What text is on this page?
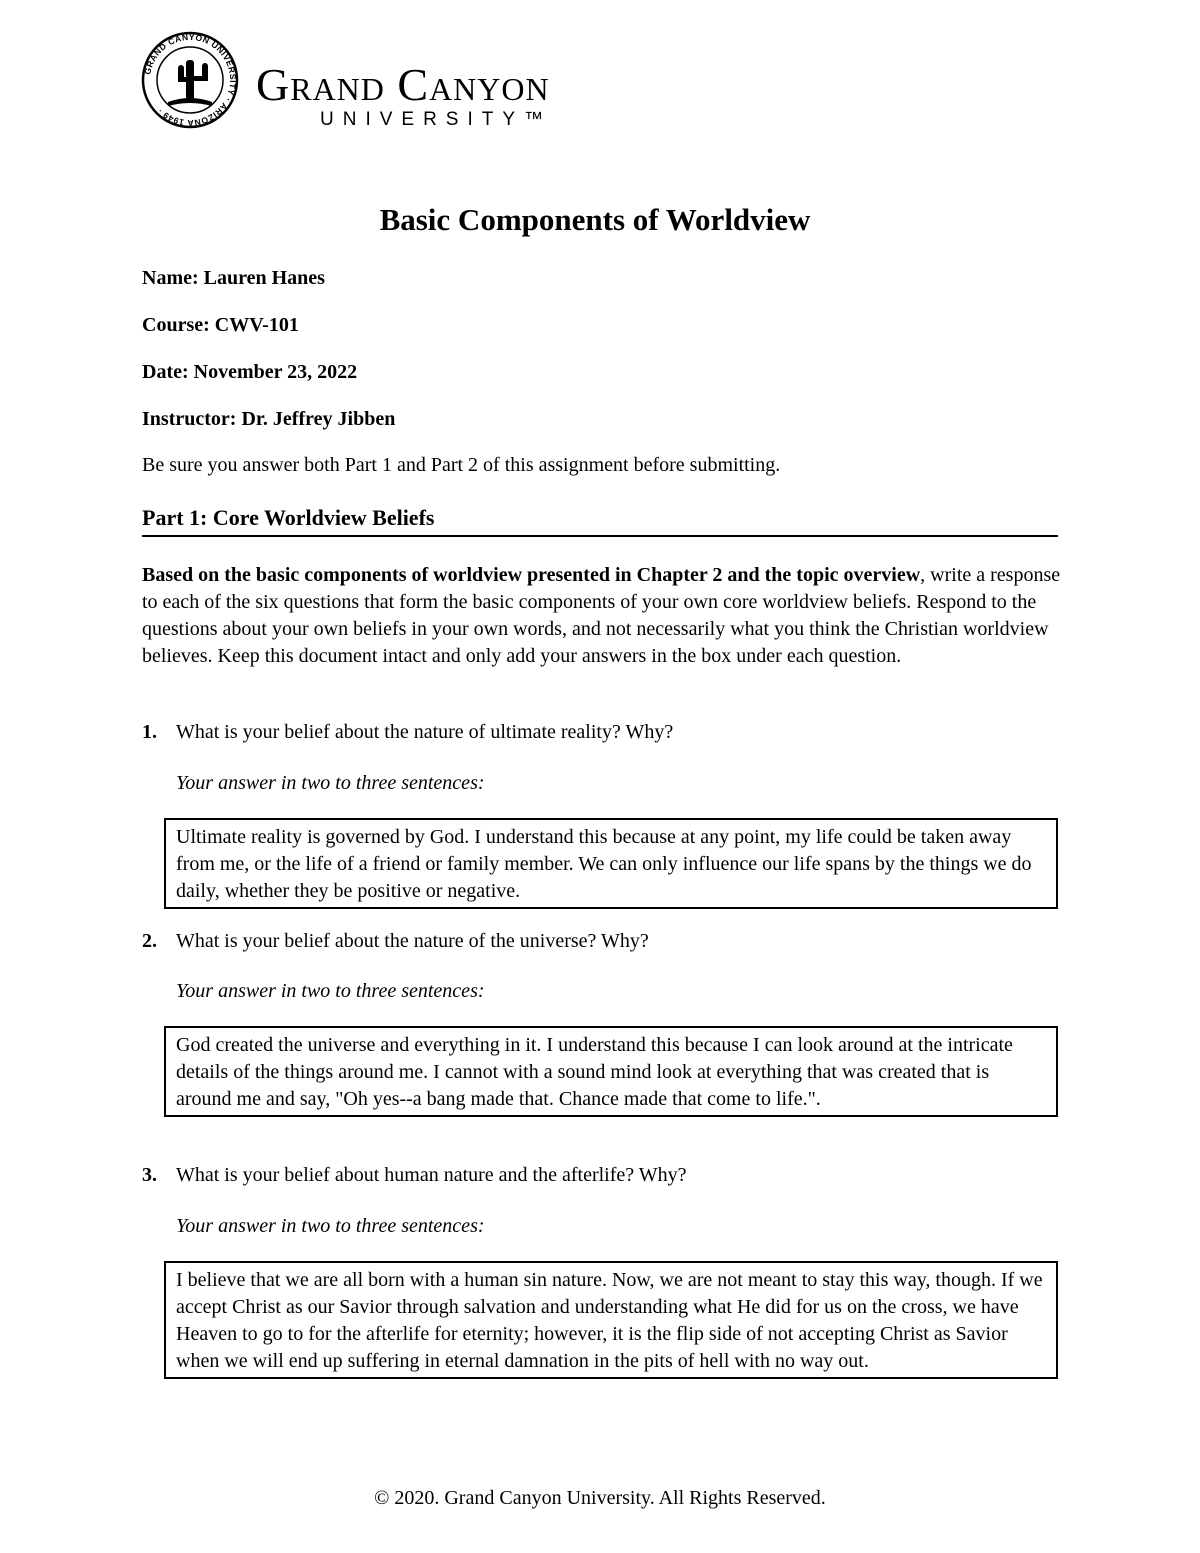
GRAND CANYON UNIVERSITY · ARIZONA 1949 ·
Grand Canyon
UNIVERSITY™
Basic Components of Worldview
Name: Lauren Hanes
Course: CWV-101
Date: November 23, 2022
Instructor: Dr. Jeffrey Jibben
Be sure you answer both Part 1 and Part 2 of this assignment before submitting.
Part 1: Core Worldview Beliefs
Based on the basic components of worldview presented in Chapter 2 and the topic overview, write a response to each of the six questions that form the basic components of your own core worldview beliefs. Respond to the questions about your own beliefs in your own words, and not necessarily what you think the Christian worldview believes. Keep this document intact and only add your answers in the box under each question.
1. What is your belief about the nature of ultimate reality? Why?
Your answer in two to three sentences:
Ultimate reality is governed by God. I understand this because at any point, my life could be taken away from me, or the life of a friend or family member. We can only influence our life spans by the things we do daily, whether they be positive or negative.
2. What is your belief about the nature of the universe? Why?
Your answer in two to three sentences:
God created the universe and everything in it. I understand this because I can look around at the intricate details of the things around me. I cannot with a sound mind look at everything that was created that is around me and say, "Oh yes--a bang made that. Chance made that come to life.".
3. What is your belief about human nature and the afterlife? Why?
Your answer in two to three sentences:
I believe that we are all born with a human sin nature. Now, we are not meant to stay this way, though. If we accept Christ as our Savior through salvation and understanding what He did for us on the cross, we have Heaven to go to for the afterlife for eternity; however, it is the flip side of not accepting Christ as Savior when we will end up suffering in eternal damnation in the pits of hell with no way out.
© 2020. Grand Canyon University. All Rights Reserved.
